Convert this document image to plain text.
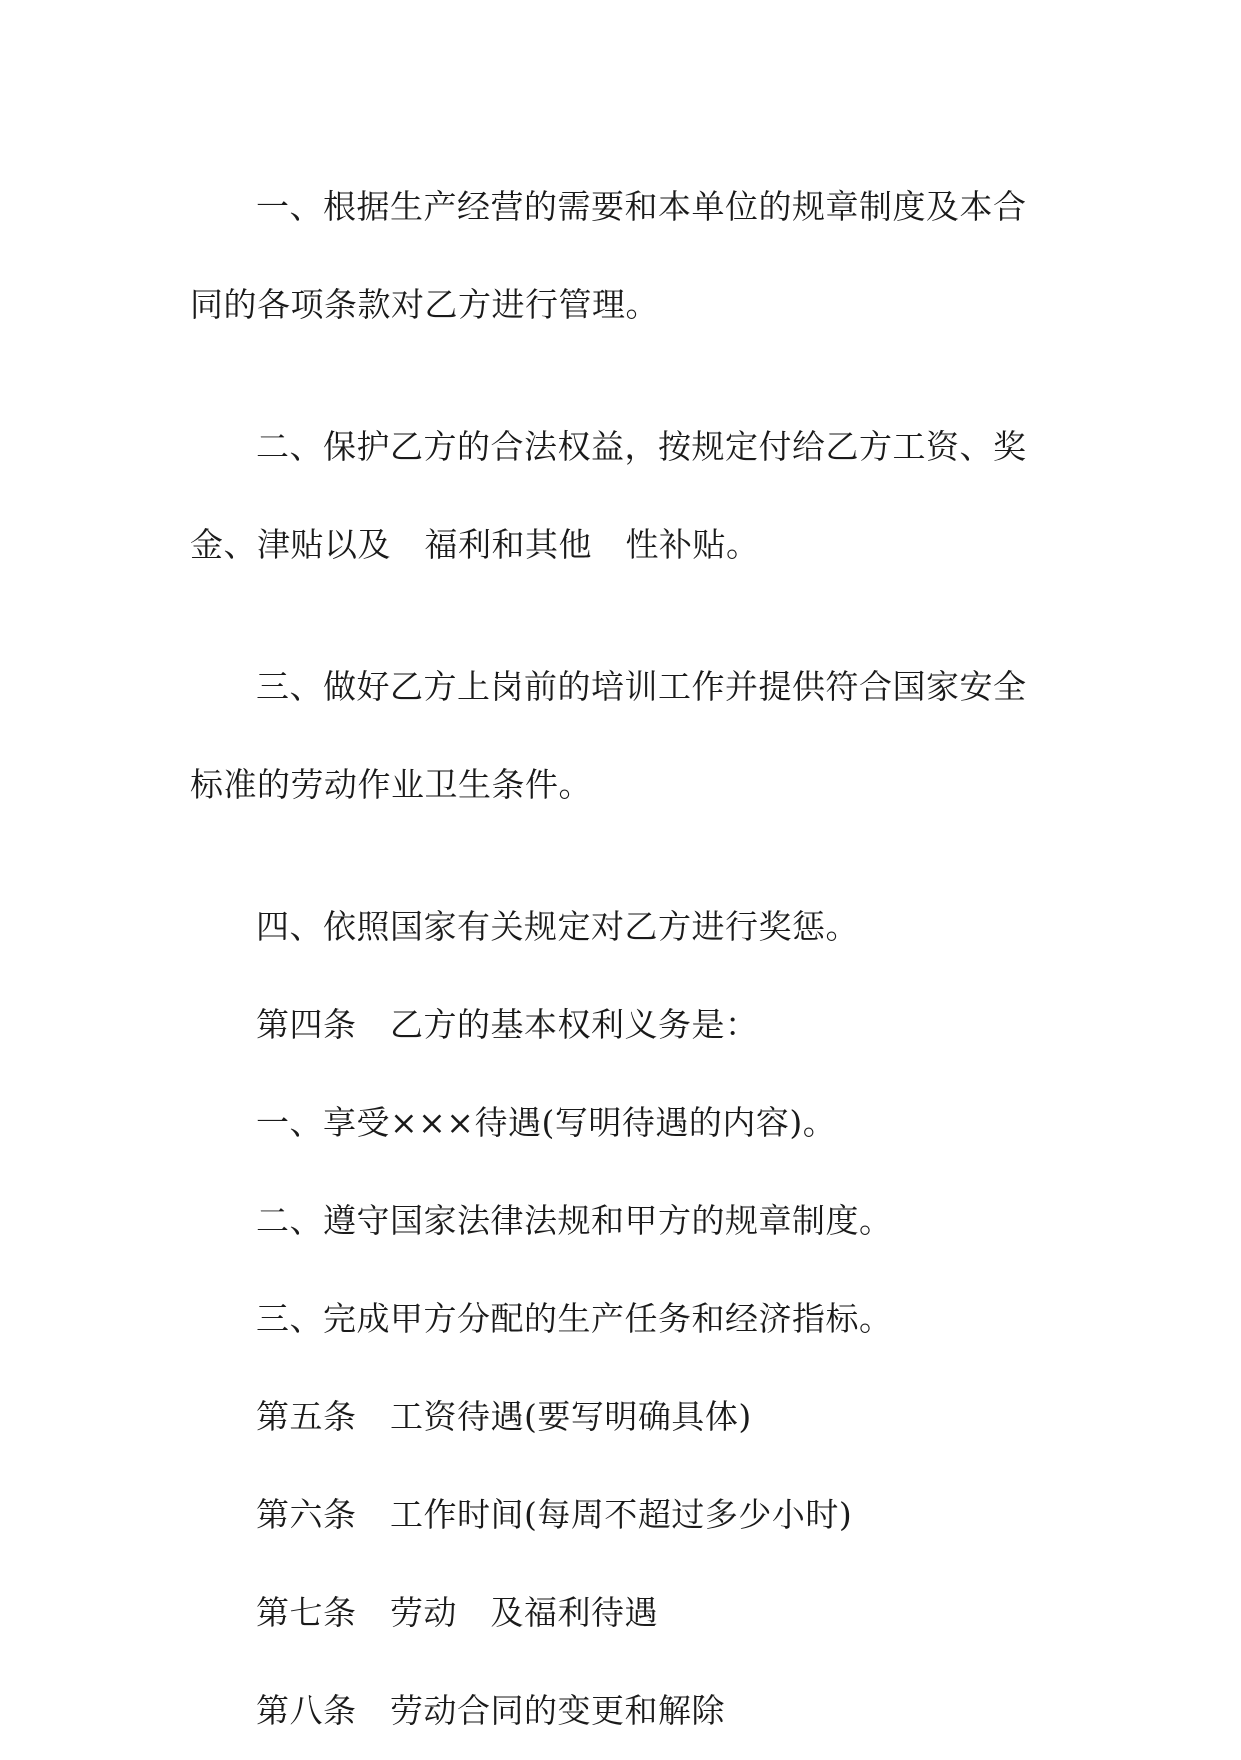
一、根据生产经营的需要和本单位的规章制度及本合同的各项条款对乙方进行管理。

二、保护乙方的合法权益，按规定付给乙方工资、奖金、津贴以及　福利和其他　性补贴。

三、做好乙方上岗前的培训工作并提供符合国家安全标准的劳动作业卫生条件。

四、依照国家有关规定对乙方进行奖惩。

第四条　乙方的基本权利义务是：

一、享受×××待遇(写明待遇的内容)。

二、遵守国家法律法规和甲方的规章制度。

三、完成甲方分配的生产任务和经济指标。

第五条　工资待遇(要写明确具体)

第六条　工作时间(每周不超过多少小时)

第七条　劳动　及福利待遇

第八条　劳动合同的变更和解除
